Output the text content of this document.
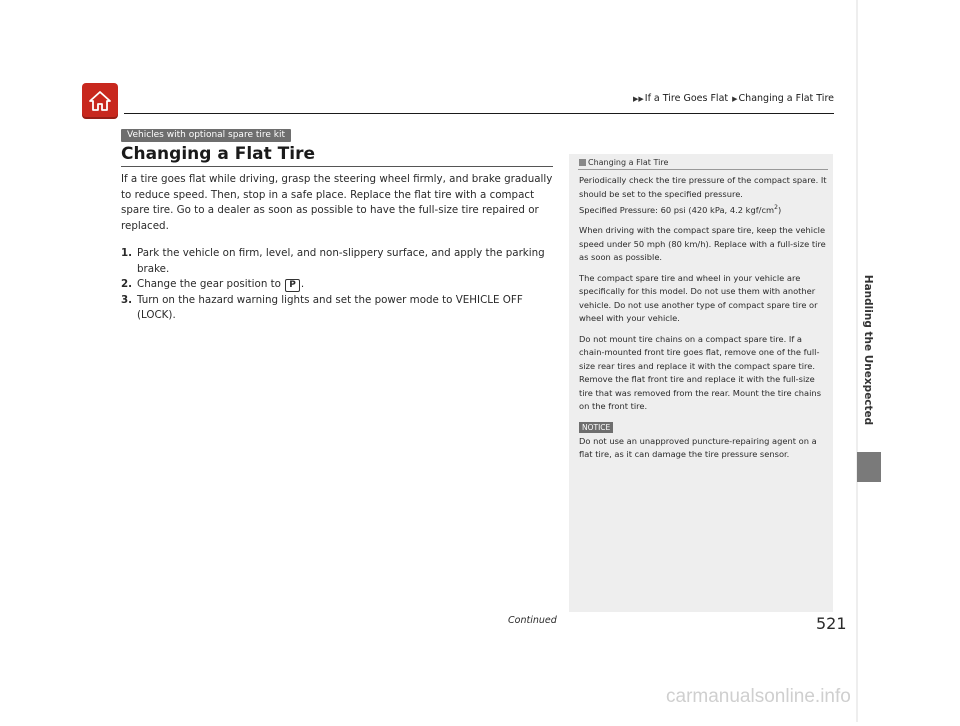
▶▶If a Tire Goes Flat ▶Changing a Flat Tire
Handling the Unexpected
Vehicles with optional spare tire kit
Changing a Flat Tire

If a tire goes flat while driving, grasp the steering wheel firmly, and brake gradually to reduce speed. Then, stop in a safe place. Replace the flat tire with a compact spare tire. Go to a dealer as soon as possible to have the full-size tire repaired or replaced.

1. Park the vehicle on firm, level, and non-slippery surface, and apply the parking brake.
2. Change the gear position to P .
3. Turn on the hazard warning lights and set the power mode to VEHICLE OFF (LOCK).
Changing a Flat Tire

Periodically check the tire pressure of the compact spare. It should be set to the specified pressure.
Specified Pressure: 60 psi (420 kPa, 4.2 kgf/$cm^2$)

When driving with the compact spare tire, keep the vehicle speed under 50 mph (80 km/h). Replace with a full-size tire as soon as possible.

The compact spare tire and wheel in your vehicle are specifically for this model. Do not use them with another vehicle. Do not use another type of compact spare tire or wheel with your vehicle.

Do not mount tire chains on a compact spare tire. If a chain-mounted front tire goes flat, remove one of the full-size rear tires and replace it with the compact spare tire. Remove the flat front tire and replace it with the full-size tire that was removed from the rear. Mount the tire chains on the front tire.

NOTICE

Do not use an unapproved puncture-repairing agent on a flat tire, as it can damage the tire pressure sensor.

Continued	521
carmanualsonline.info
